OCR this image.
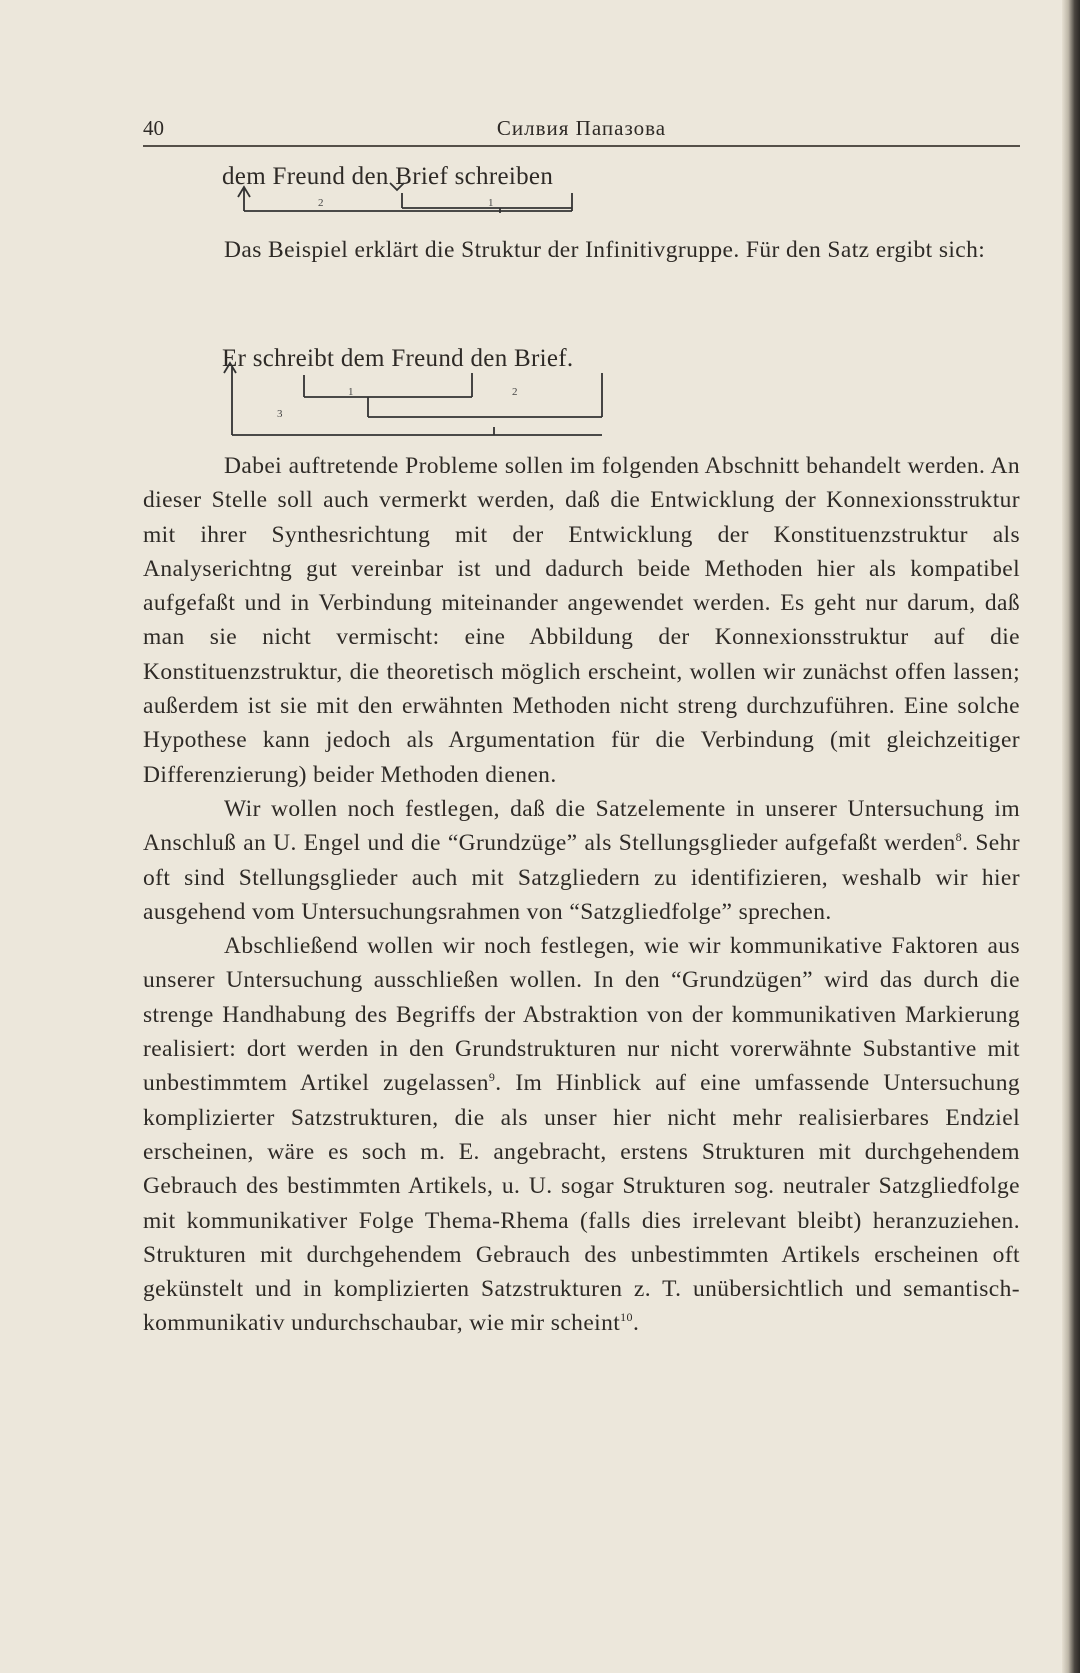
40	Силвия Папазова
dem Freund den Brief schreiben
2	1

Das Beispiel erklärt die Struktur der Infinitivgruppe. Für den Satz ergibt sich:

Er schreibt dem Freund den Brief.
1	2
3

Dabei auftretende Probleme sollen im folgenden Abschnitt behandelt werden. An dieser Stelle soll auch vermerkt werden, daß die Entwicklung der Konnexionsstruktur mit ihrer Synthesrichtung mit der Entwicklung der Konstituenzstruktur als Analyserichtng gut vereinbar ist und dadurch beide Methoden hier als kompatibel aufgefaßt und in Verbindung miteinander angewendet werden. Es geht nur darum, daß man sie nicht vermischt: eine Abbildung der Konnexionsstruktur auf die Konstituenzstruktur, die theoretisch möglich erscheint, wollen wir zunächst offen lassen; außerdem ist sie mit den erwähnten Methoden nicht streng durchzuführen. Eine solche Hypothese kann jedoch als Argumentation für die Verbindung (mit gleichzeitiger Differenzierung) beider Methoden dienen.

Wir wollen noch festlegen, daß die Satzelemente in unserer Untersuchung im Anschluß an U. Engel und die “Grundzüge” als Stellungsglieder aufgefaßt werden$^8$. Sehr oft sind Stellungsglieder auch mit Satzgliedern zu identifizieren, weshalb wir hier ausgehend vom Untersuchungsrahmen von “Satzgliedfolge” sprechen.

Abschließend wollen wir noch festlegen, wie wir kommunikative Faktoren aus unserer Untersuchung ausschließen wollen. In den “Grundzügen” wird das durch die strenge Handhabung des Begriffs der Abstraktion von der kommunikativen Markierung realisiert: dort werden in den Grundstrukturen nur nicht vorerwähnte Substantive mit unbestimmtem Artikel zugelassen$^9$. Im Hinblick auf eine umfassende Untersuchung komplizierter Satzstrukturen, die als unser hier nicht mehr realisierbares Endziel erscheinen, wäre es soch m. E. angebracht, erstens Strukturen mit durchgehendem Gebrauch des bestimmten Artikels, u. U. sogar Strukturen sog. neutraler Satzgliedfolge mit kommunikativer Folge Thema-Rhema (falls dies irrelevant bleibt) heranzuziehen. Strukturen mit durchgehendem Gebrauch des unbestimmten Artikels erscheinen oft gekünstelt und in komplizierten Satzstrukturen z. T. unübersichtlich und semantisch-kommunikativ undurchschaubar, wie mir scheint$^{10}$.
